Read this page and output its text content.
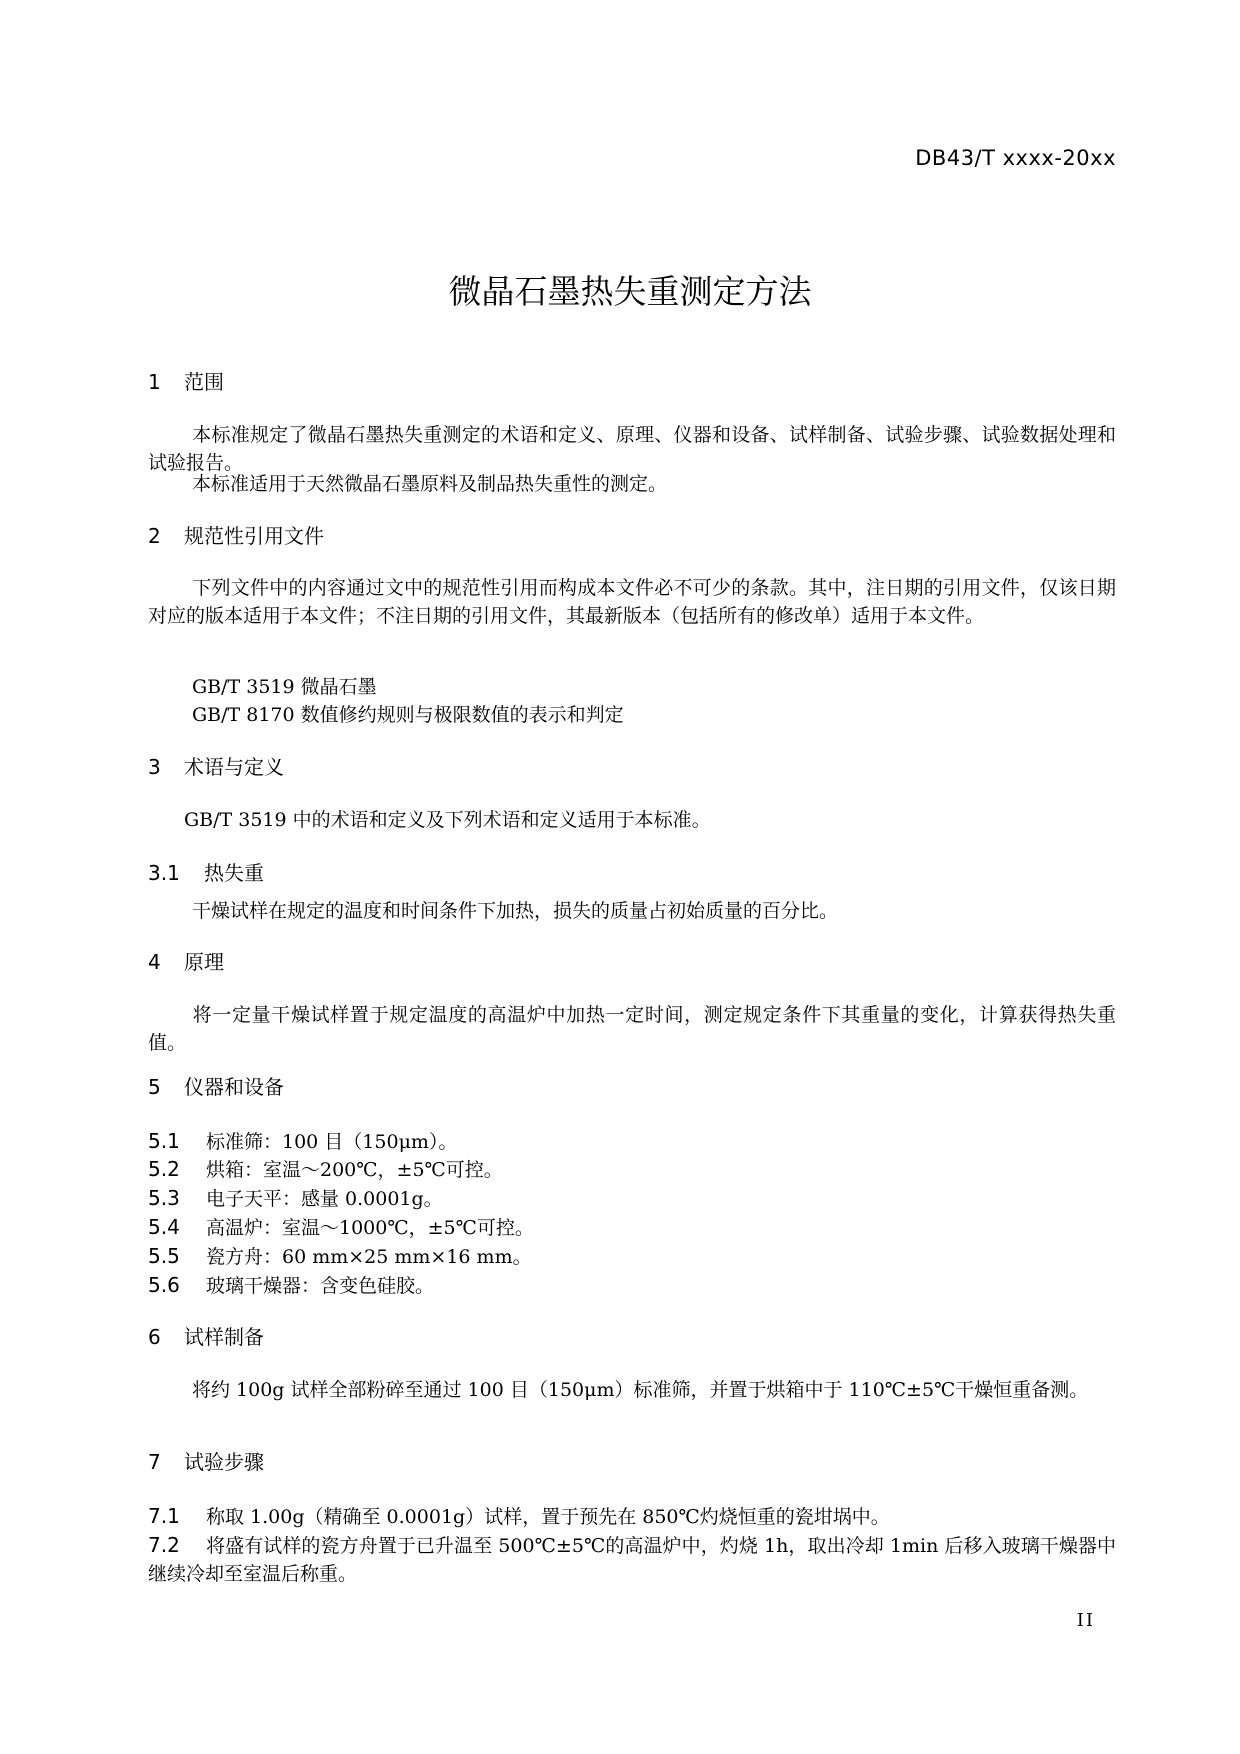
DB43/T xxxx-20xx
微晶石墨热失重测定方法
1 范围
本标准规定了微晶石墨热失重测定的术语和定义、原理、仪器和设备、试样制备、试验步骤、试验数据处理和试验报告。
本标准适用于天然微晶石墨原料及制品热失重性的测定。
2 规范性引用文件
下列文件中的内容通过文中的规范性引用而构成本文件必不可少的条款。其中，注日期的引用文件，仅该日期对应的版本适用于本文件；不注日期的引用文件，其最新版本（包括所有的修改单）适用于本文件。
GB/T 3519 微晶石墨
GB/T 8170 数值修约规则与极限数值的表示和判定
3 术语与定义
GB/T 3519 中的术语和定义及下列术语和定义适用于本标准。
3.1 热失重
干燥试样在规定的温度和时间条件下加热，损失的质量占初始质量的百分比。
4 原理
将一定量干燥试样置于规定温度的高温炉中加热一定时间，测定规定条件下其重量的变化，计算获得热失重值。
5 仪器和设备
5.1 标准筛：100 目（150μm）。
5.2 烘箱：室温～200℃，±5℃可控。
5.3 电子天平：感量 0.0001g。
5.4 高温炉：室温～1000℃，±5℃可控。
5.5 瓷方舟：60 mm×25 mm×16 mm。
5.6 玻璃干燥器：含变色硅胶。
6 试样制备
将约 100g 试样全部粉碎至通过 100 目（150μm）标准筛，并置于烘箱中于 110℃±5℃干燥恒重备测。
7 试验步骤
7.1 称取 1.00g（精确至 0.0001g）试样，置于预先在 850℃灼烧恒重的瓷坩埚中。
7.2 将盛有试样的瓷方舟置于已升温至 500℃±5℃的高温炉中，灼烧 1h，取出冷却 1min 后移入玻璃干燥器中继续冷却至室温后称重。
II
